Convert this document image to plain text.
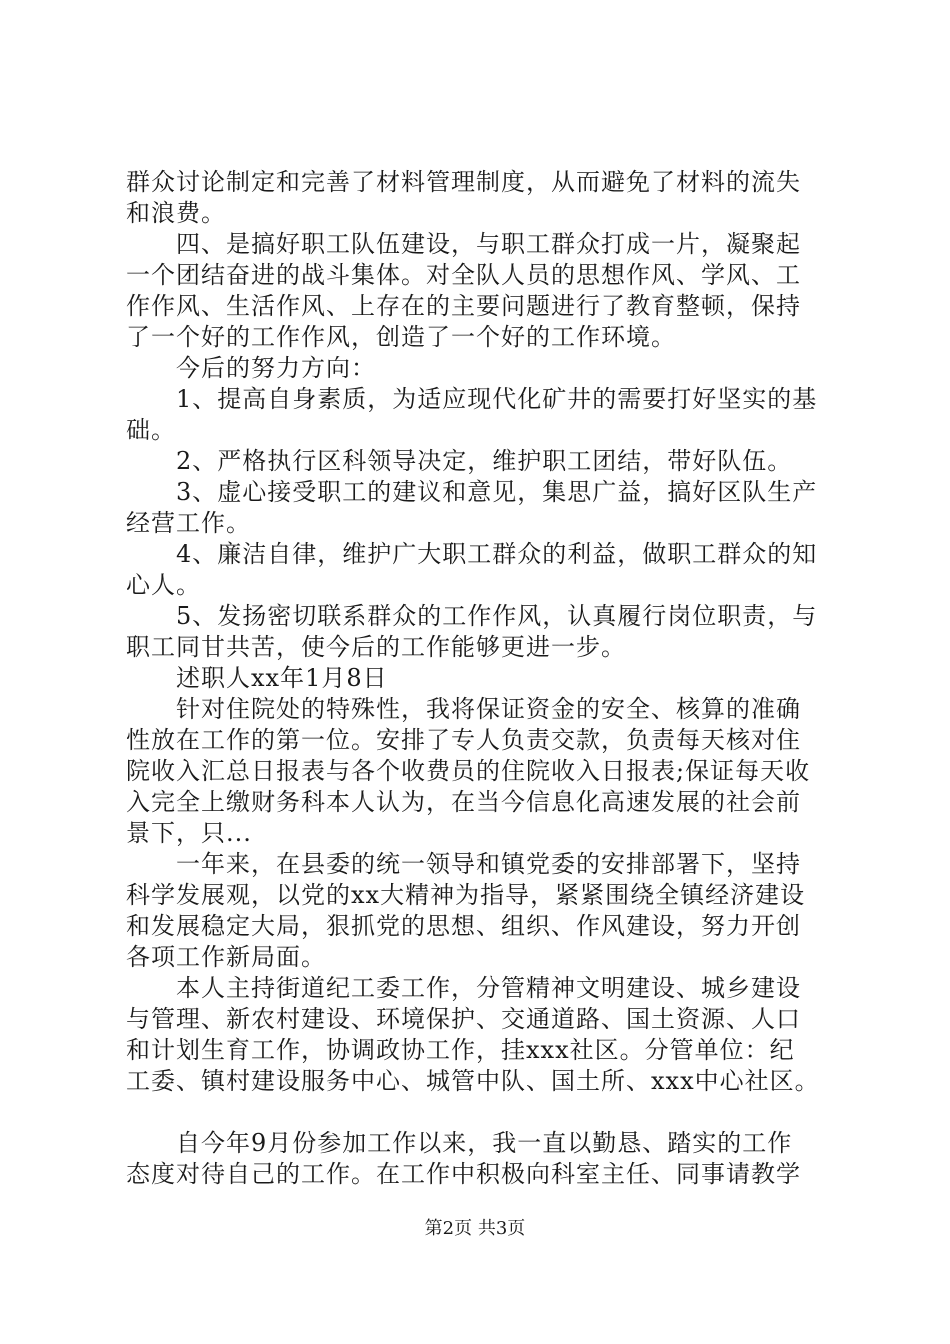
群众讨论制定和完善了材料管理制度，从而避免了材料的流失
和浪费。
　　四、是搞好职工队伍建设，与职工群众打成一片，凝聚起
一个团结奋进的战斗集体。对全队人员的思想作风、学风、工
作作风、生活作风、上存在的主要问题进行了教育整顿，保持
了一个好的工作作风，创造了一个好的工作环境。
　　今后的努力方向：
　　1、提高自身素质，为适应现代化矿井的需要打好坚实的基
础。
　　2、严格执行区科领导决定，维护职工团结，带好队伍。
　　3、虚心接受职工的建议和意见，集思广益，搞好区队生产
经营工作。
　　4、廉洁自律，维护广大职工群众的利益，做职工群众的知
心人。
　　5、发扬密切联系群众的工作作风，认真履行岗位职责，与
职工同甘共苦，使今后的工作能够更进一步。
　　述职人xx年1月8日
　　针对住院处的特殊性，我将保证资金的安全、核算的准确
性放在工作的第一位。安排了专人负责交款，负责每天核对住
院收入汇总日报表与各个收费员的住院收入日报表;保证每天收
入完全上缴财务科本人认为，在当今信息化高速发展的社会前
景下，只...
　　一年来，在县委的统一领导和镇党委的安排部署下，坚持
科学发展观，以党的xx大精神为指导，紧紧围绕全镇经济建设
和发展稳定大局，狠抓党的思想、组织、作风建设，努力开创
各项工作新局面。
　　本人主持街道纪工委工作，分管精神文明建设、城乡建设
与管理、新农村建设、环境保护、交通道路、国土资源、人口
和计划生育工作，协调政协工作，挂xxx社区。分管单位：纪
工委、镇村建设服务中心、城管中队、国土所、xxx中心社区。
　　自今年9月份参加工作以来，我一直以勤恳、踏实的工作
态度对待自己的工作。在工作中积极向科室主任、同事请教学
第2页 共3页
